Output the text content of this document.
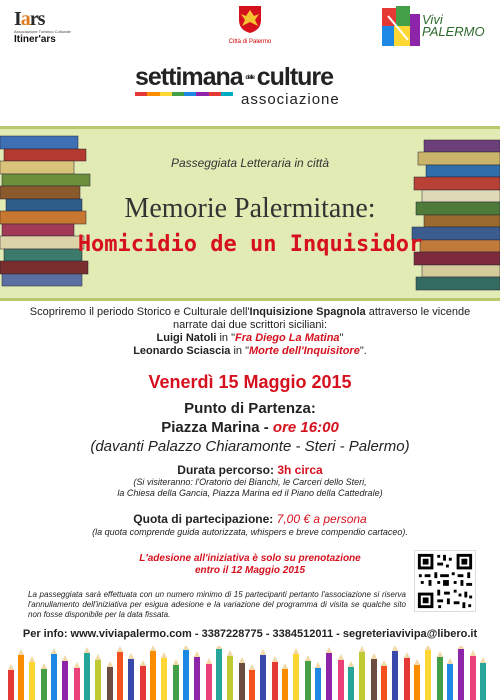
Iars
Associazione Turistico Culturale
Itiner'ars	Città di Palermo
Vivi
PALERMO
settimana delle culture
associazione
Passeggiata Letteraria in città
Memorie Palermitane:
Homicidio de un Inquisidor
Scopriremo il periodo Storico e Culturale dell'Inquisizione Spagnola attraverso le vicende
narrate dai due scrittori siciliani:
Luigi Natoli in "Fra Diego La Matina"
Leonardo Sciascia in "Morte dell'Inquisitore".
Venerdì 15 Maggio 2015
Punto di Partenza:
Piazza Marina - ore 16:00
(davanti Palazzo Chiaramonte - Steri - Palermo)
Durata percorso: 3h circa
(Si visiteranno: l'Oratorio dei Bianchi, le Carceri dello Steri,
la Chiesa della Gancia, Piazza Marina ed il Piano della Cattedrale)
Quota di partecipazione: 7,00 € a persona
(la quota comprende guida autorizzata, whispers e breve compendio cartaceo).
L'adesione all'iniziativa è solo su prenotazione
entro il 12 Maggio 2015
La passeggiata sarà effettuata con un numero minimo di 15 partecipanti pertanto l'associazione si riserva l'annullamento dell'iniziativa per esigua adesione e la variazione del programma di visita se qualche sito non fosse disponibile per la data fissata.
Per info: www.viviapalermo.com - 3387228775 - 3384512011 - segreteriavivipa@libero.it
